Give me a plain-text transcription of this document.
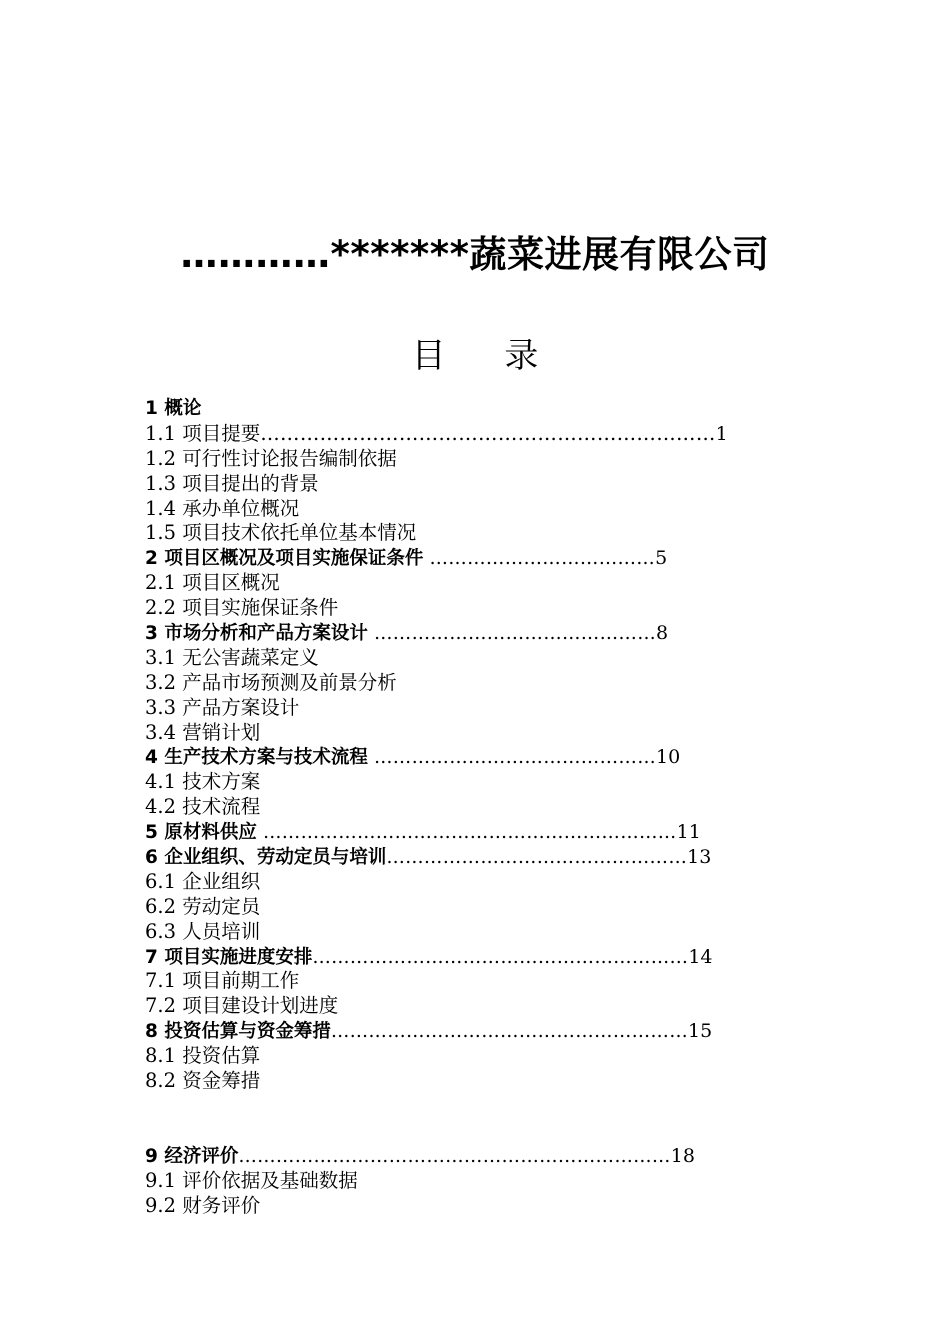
…………*******蔬菜进展有限公司
目 录
1 概论
1.1 项目提要……………………………………………………………1
1.2 可行性讨论报告编制依据
1.3 项目提出的背景
1.4 承办单位概况
1.5 项目技术依托单位基本情况
2 项目区概况及项目实施保证条件 ………………………………5
2.1 项目区概况
2.2 项目实施保证条件
3 市场分析和产品方案设计 ………………………………………8
3.1 无公害蔬菜定义
3.2 产品市场预测及前景分析
3.3 产品方案设计
3.4 营销计划
4 生产技术方案与技术流程 ………………………………………10
4.1 技术方案
4.2 技术流程
5 原材料供应 …………………………………………………………11
6 企业组织、劳动定员与培训…………………………………………13
6.1 企业组织
6.2 劳动定员
6.3 人员培训
7 项目实施进度安排……………………………………………………14
7.1 项目前期工作
7.2 项目建设计划进度
8 投资估算与资金筹措…………………………………………………15
8.1 投资估算
8.2 资金筹措
9 经济评价……………………………………………………………18
9.1 评价依据及基础数据
9.2 财务评价
